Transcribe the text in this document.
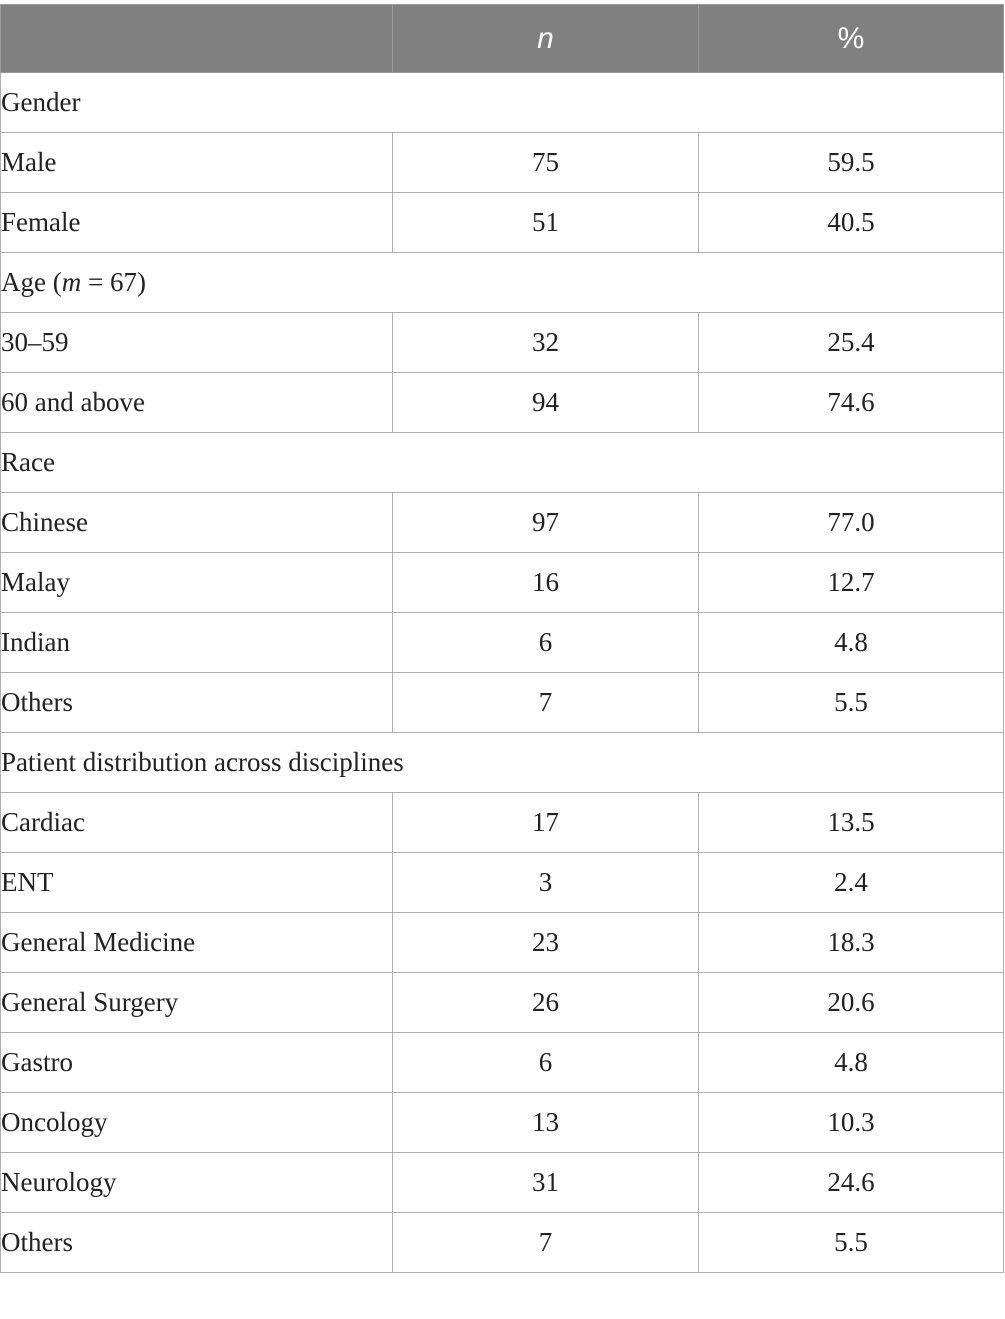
	n	%
Gender		
Male	75	59.5
Female	51	40.5
Age (m = 67)		
30–59	32	25.4
60 and above	94	74.6
Race		
Chinese	97	77.0
Malay	16	12.7
Indian	6	4.8
Others	7	5.5
Patient distribution across disciplines		
Cardiac	17	13.5
ENT	3	2.4
General Medicine	23	18.3
General Surgery	26	20.6
Gastro	6	4.8
Oncology	13	10.3
Neurology	31	24.6
Others	7	5.5
